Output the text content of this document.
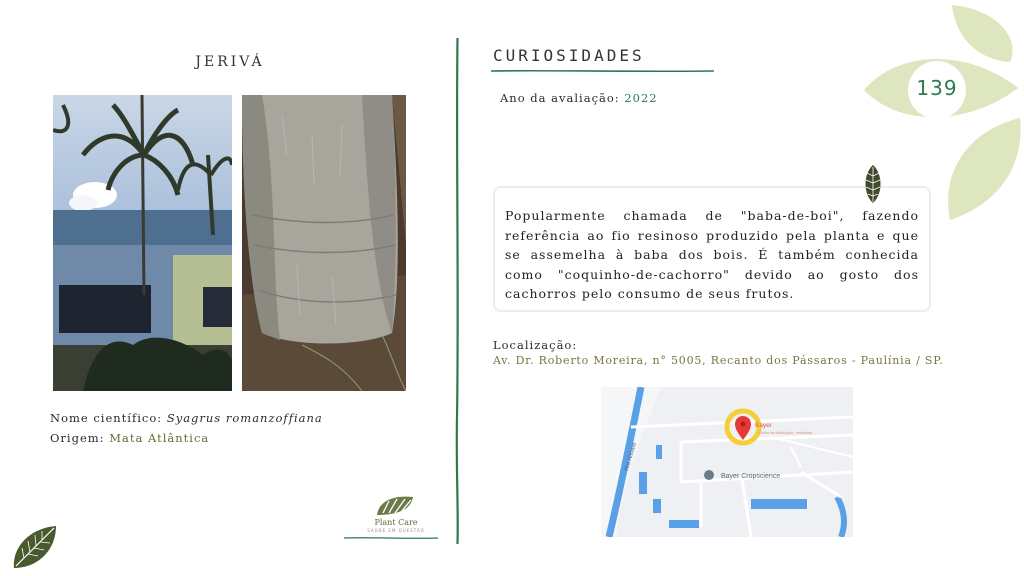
139
JERIVÁ
Nome científico: Syagrus romanzoffiana
Origem: Mata Atlântica
Plant Care
SAÚDE EM QUESTÃO
CURIOSIDADES
Ano da avaliação: 2022
Popularmente chamada de "baba-de-boi", fazendo referência ao fio resinoso produzido pela planta e que se assemelha à baba dos bois. É também conhecida como "coquinho-de-cachorro" devido ao gosto dos cachorros pelo consumo de seus frutos.
Localização:
Av. Dr. Roberto Moreira, n° 5005, Recanto dos Pássaros - Paulínia / SP.
Bayer Cropscience
Bayer
Centro de distribuição - residência
Rio Atibaia
